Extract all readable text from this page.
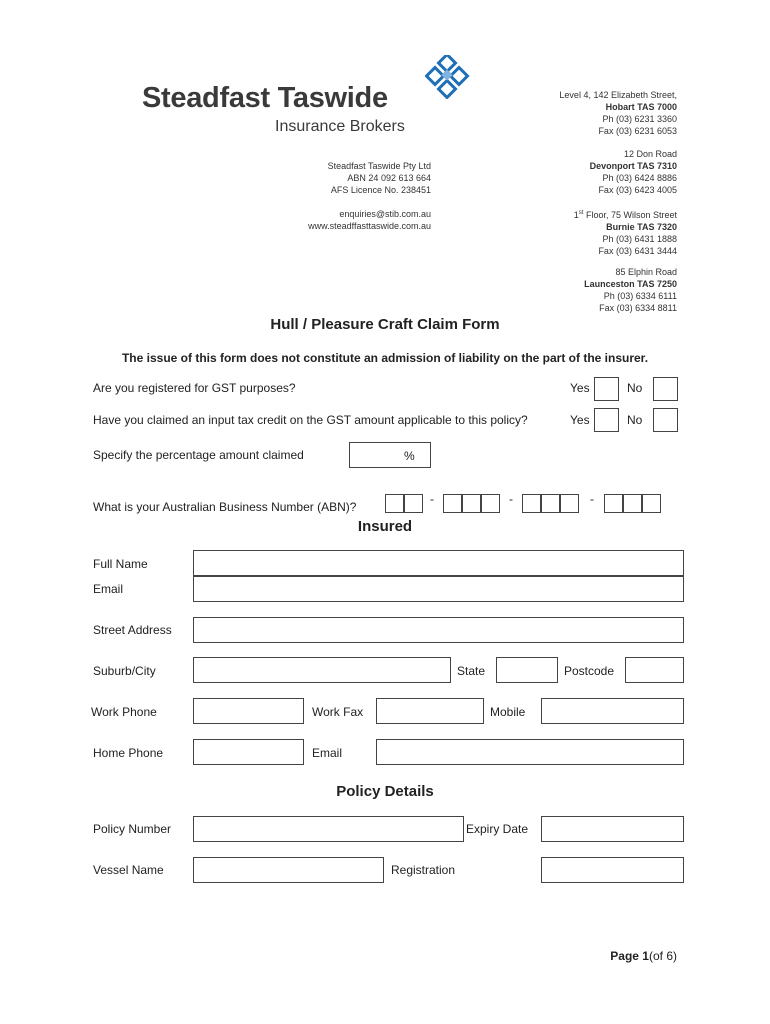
Steadfast Taswide
Insurance Brokers
Steadfast Taswide Pty Ltd
ABN 24 092 613 664
AFS Licence No. 238451
enquiries@stib.com.au
www.steadffasttaswide.com.au
Level 4, 142 Elizabeth Street,
Hobart TAS 7000
Ph (03) 6231 3360
Fax (03) 6231 6053
12 Don Road
Devonport TAS 7310
Ph (03) 6424 8886
Fax (03) 6423 4005
1st Floor, 75 Wilson Street
Burnie TAS 7320
Ph (03) 6431 1888
Fax (03) 6431 3444
85 Elphin Road
Launceston TAS 7250
Ph (03) 6334 6111
Fax (03) 6334 8811
Hull / Pleasure Craft Claim Form
The issue of this form does not constitute an admission of liability on the part of the insurer.
Are you registered for GST purposes?	Yes	No
Have you claimed an input tax credit on the GST amount applicable to this policy?	Yes	No
Specify the percentage amount claimed	%
What is your Australian Business Number (ABN)?
-	-	-
Insured
Full Name
Email
Street Address
Suburb/City	State	Postcode
Work Phone	Work Fax	Mobile
Home Phone	Email
Policy Details
Policy Number	Expiry Date
Vessel Name	Registration
Page 1(of 6)
